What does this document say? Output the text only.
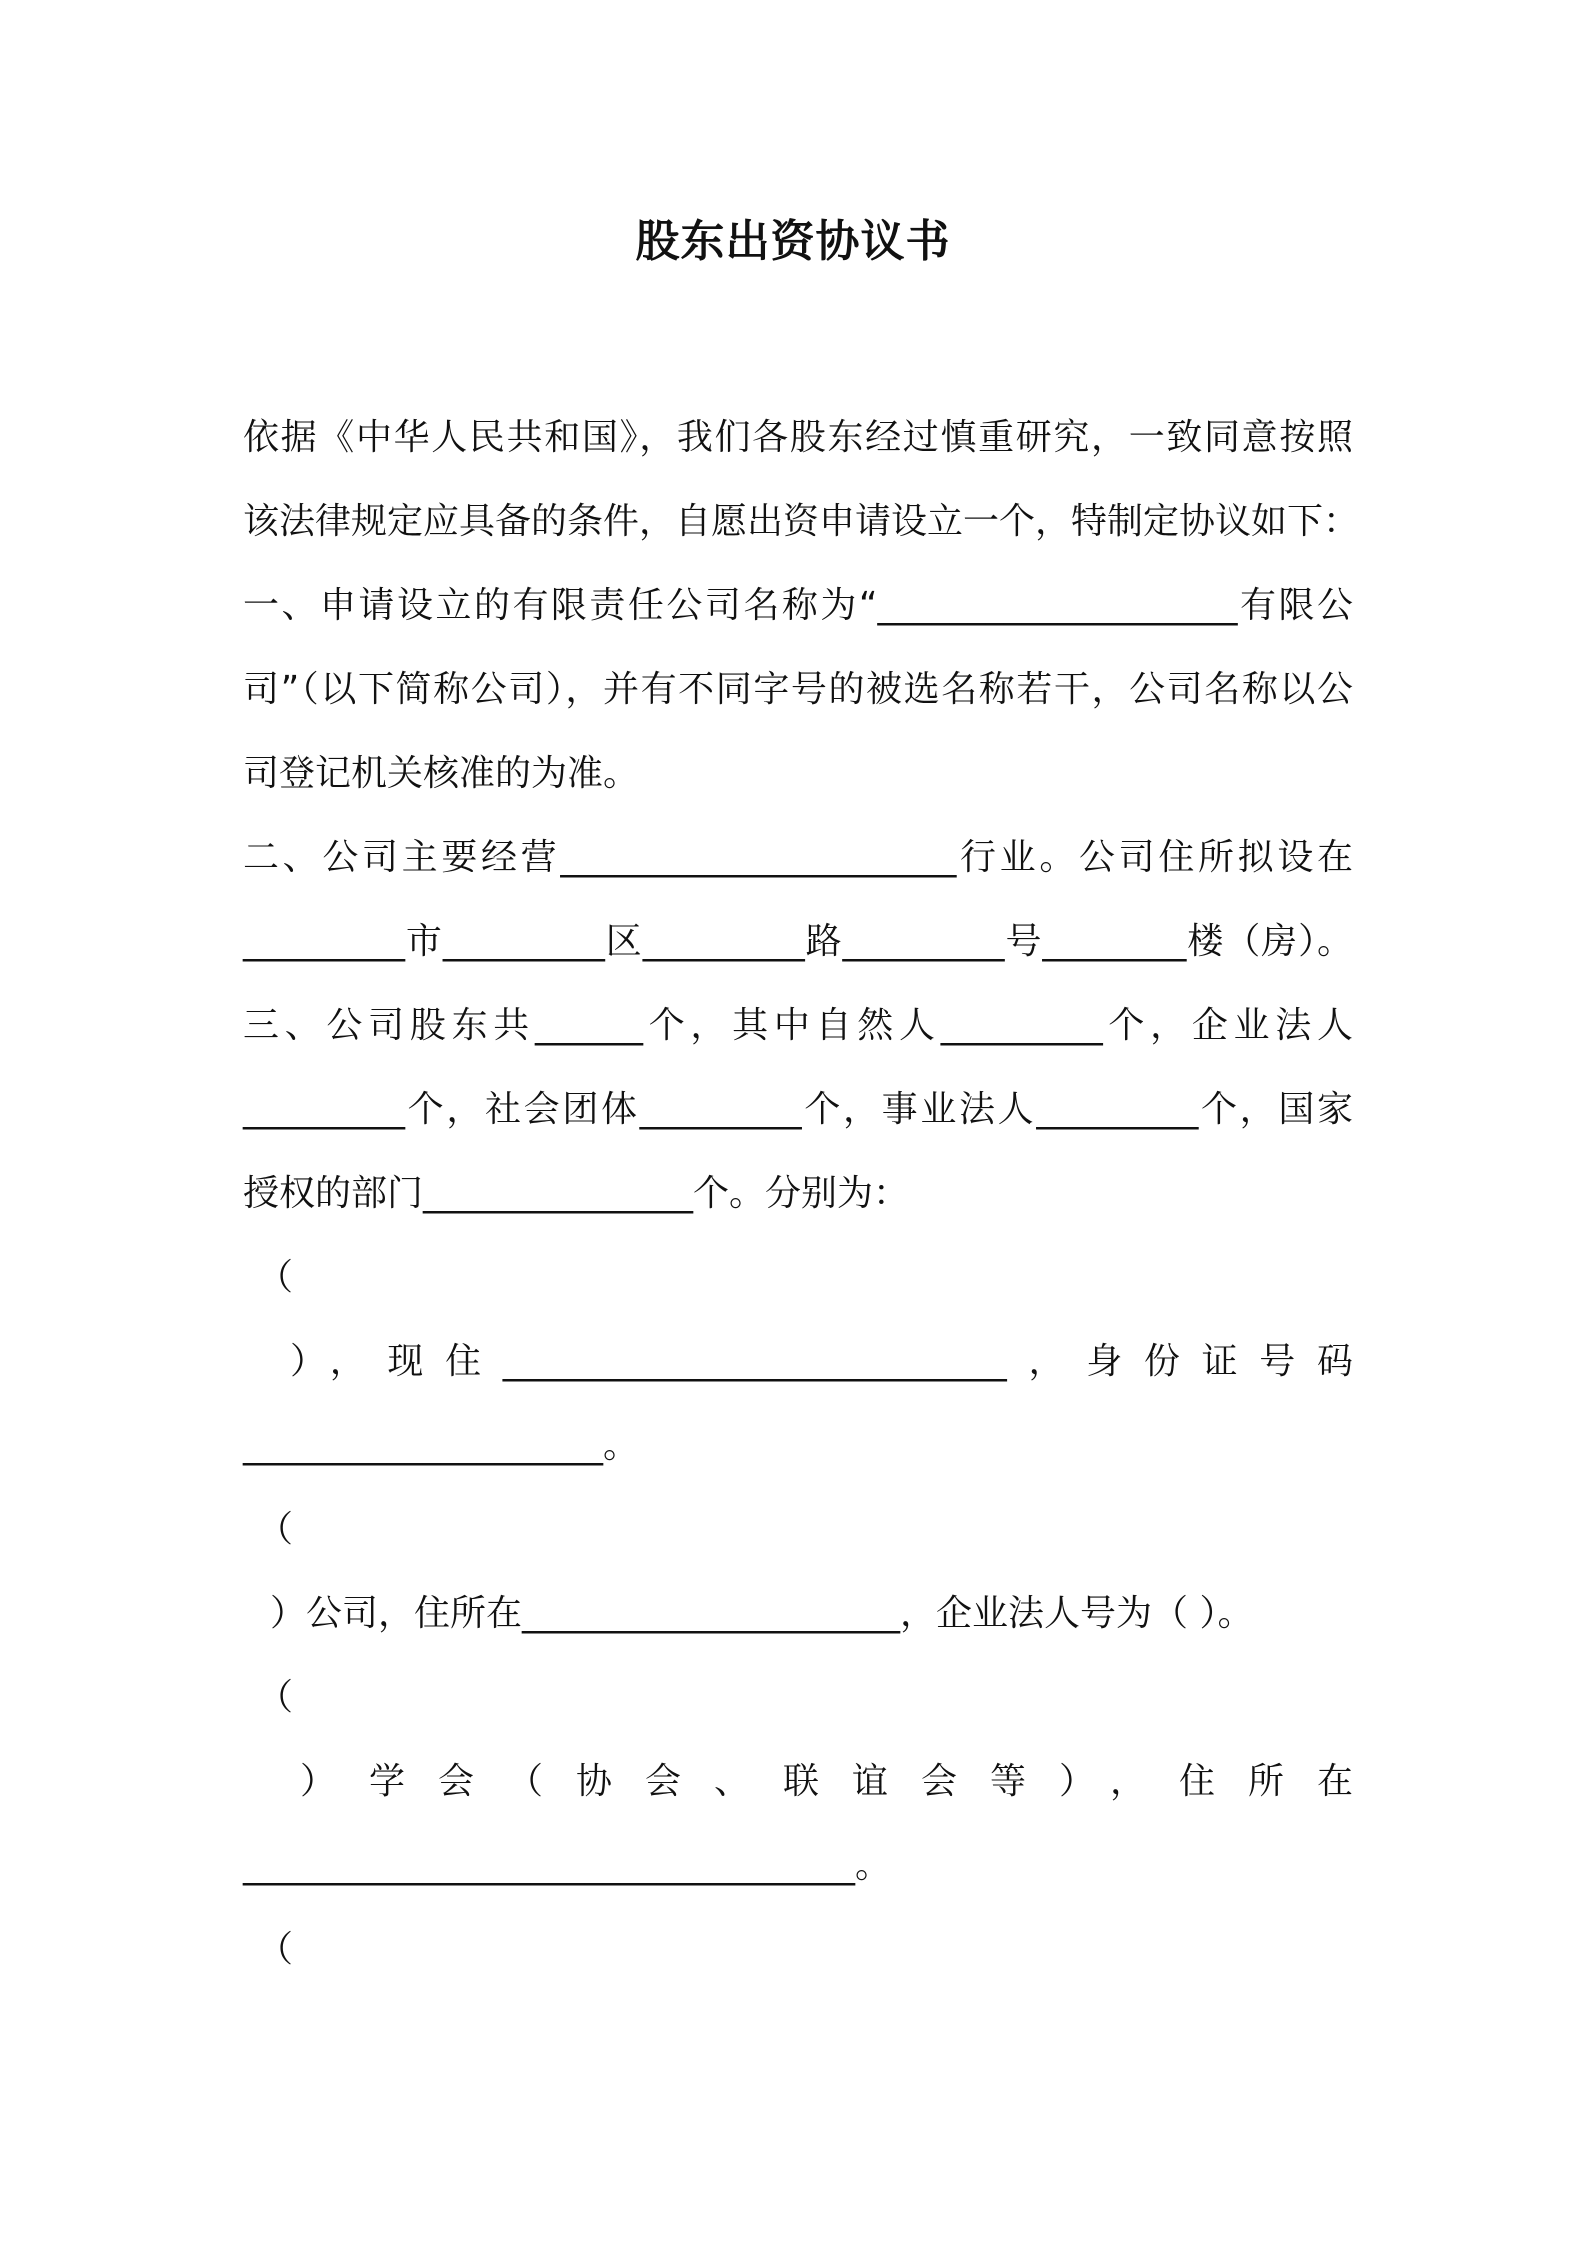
股东出资协议书
依据《中华人民共和国》，我们各股东经过慎重研究，一致同意按照
该法律规定应具备的条件，自愿出资申请设立一个，特制定协议如下：
一、申请设立的有限责任公司名称为“____________________有限公
司”（以下简称公司），并有不同字号的被选名称若干，公司名称以公
司登记机关核准的为准。
二、公司主要经营______________________行业。公司住所拟设在
_________市_________区_________路_________号________楼（房）。
三、公司股东共______个，其中自然人_________个，企业法人
_________个，社会团体_________个，事业法人_________个，国家
授权的部门_______________个。分别为：
（
），现住____________________________，身份证号码
____________________。
（
）公司，住所在_____________________，企业法人号为（ ）。
（
）学会（协会、联谊会等），住所在
__________________________________。
（
